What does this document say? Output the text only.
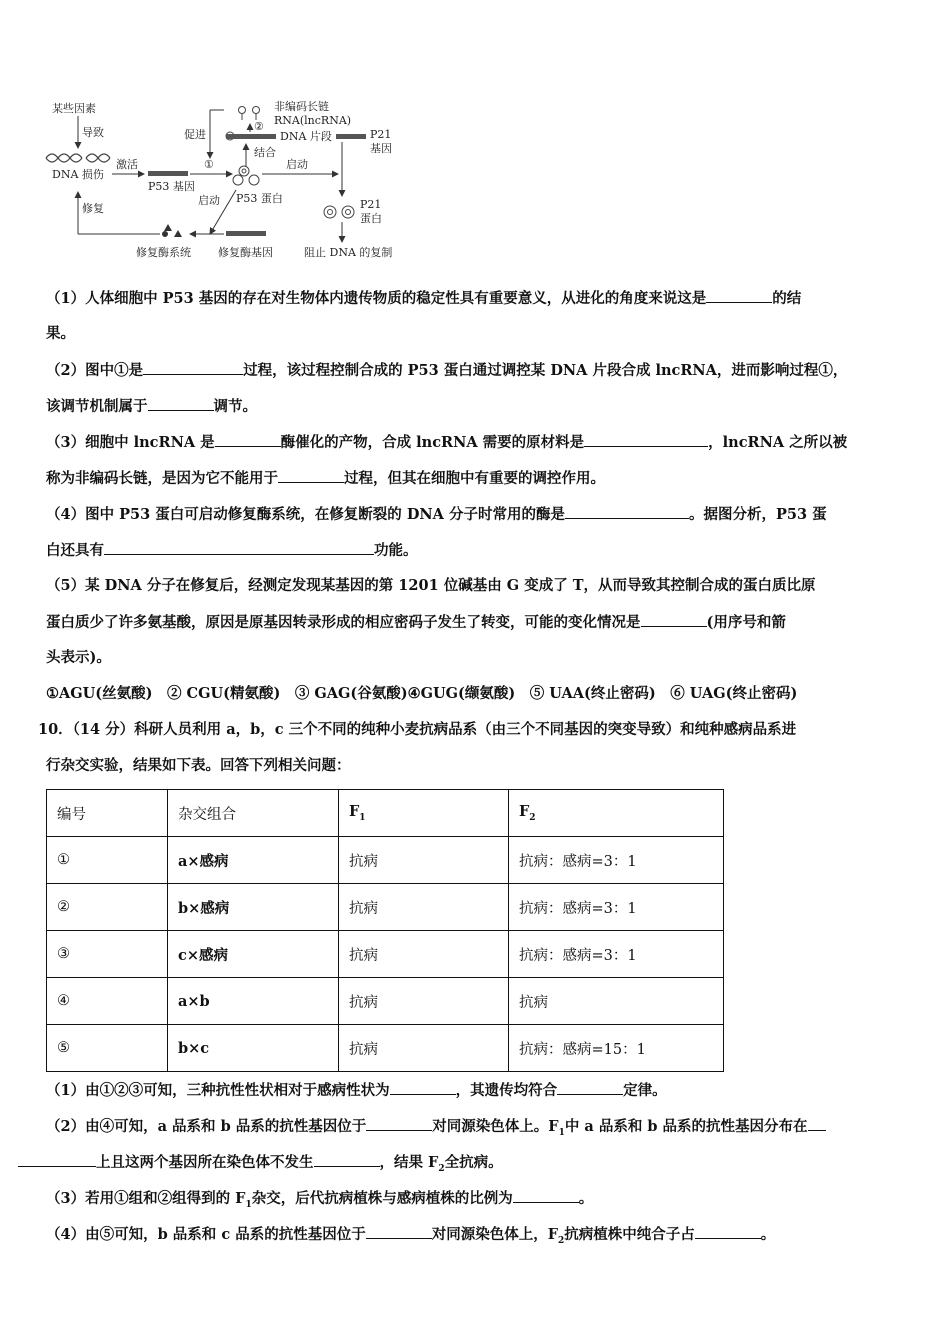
某些因素
导致
DNA 损伤
激活
P53 基因
①
促进
非编码长链
RNA(lncRNA)
②
DNA 片段	P21
基因
结合
启动
P53 蛋白
启动	P21
蛋白
修复
修复酶系统 修复酶基因	阻止 DNA 的复制
（1）人体细胞中 P53 基因的存在对生物体内遗传物质的稳定性具有重要意义，从进化的角度来说这是	的结
果。
（2）图中①是	过程，该过程控制合成的 P53 蛋白通过调控某 DNA 片段合成 lncRNA，进而影响过程①，
该调节机制属于	调节。
（3）细胞中 lncRNA 是	酶催化的产物，合成 lncRNA 需要的原材料是	，lncRNA 之所以被
称为非编码长链，是因为它不能用于	过程，但其在细胞中有重要的调控作用。
（4）图中 P53 蛋白可启动修复酶系统，在修复断裂的 DNA 分子时常用的酶是	。据图分析，P53 蛋
白还具有	功能。
（5）某 DNA 分子在修复后，经测定发现某基因的第 1201 位碱基由 G 变成了 T，从而导致其控制合成的蛋白质比原
蛋白质少了许多氨基酸，原因是原基因转录形成的相应密码子发生了转变，可能的变化情况是	(用序号和箭
头表示)。
①AGU(丝氨酸)　② CGU(精氨酸)　③ GAG(谷氨酸)④GUG(缬氨酸)　⑤ UAA(终止密码)　⑥ UAG(终止密码)
10．（14 分）科研人员利用 a，b，c 三个不同的纯种小麦抗病品系（由三个不同基因的突变导致）和纯种感病品系进
行杂交实验，结果如下表。回答下列相关问题：
编号	杂交组合	$F_1$	$F_2$
①	a×感病	抗病	抗病：感病=3：1
②	b×感病	抗病	抗病：感病=3：1
③	c×感病	抗病	抗病：感病=3：1
④	a×b	抗病	抗病
⑤	b×c	抗病	抗病：感病=15：1
（1）由①②③可知，三种抗性性状相对于感病性状为	，其遗传均符合	定律。
（2）由④可知，a 品系和 b 品系的抗性基因位于	对同源染色体上。$F_1$中 a 品系和 b 品系的抗性基因分布在
上且这两个基因所在染色体不发生	，结果 $F_2$全抗病。
（3）若用①组和②组得到的 $F_1$杂交，后代抗病植株与感病植株的比例为	。
（4）由⑤可知，b 品系和 c 品系的抗性基因位于	对同源染色体上，$F_2$抗病植株中纯合子占	。
